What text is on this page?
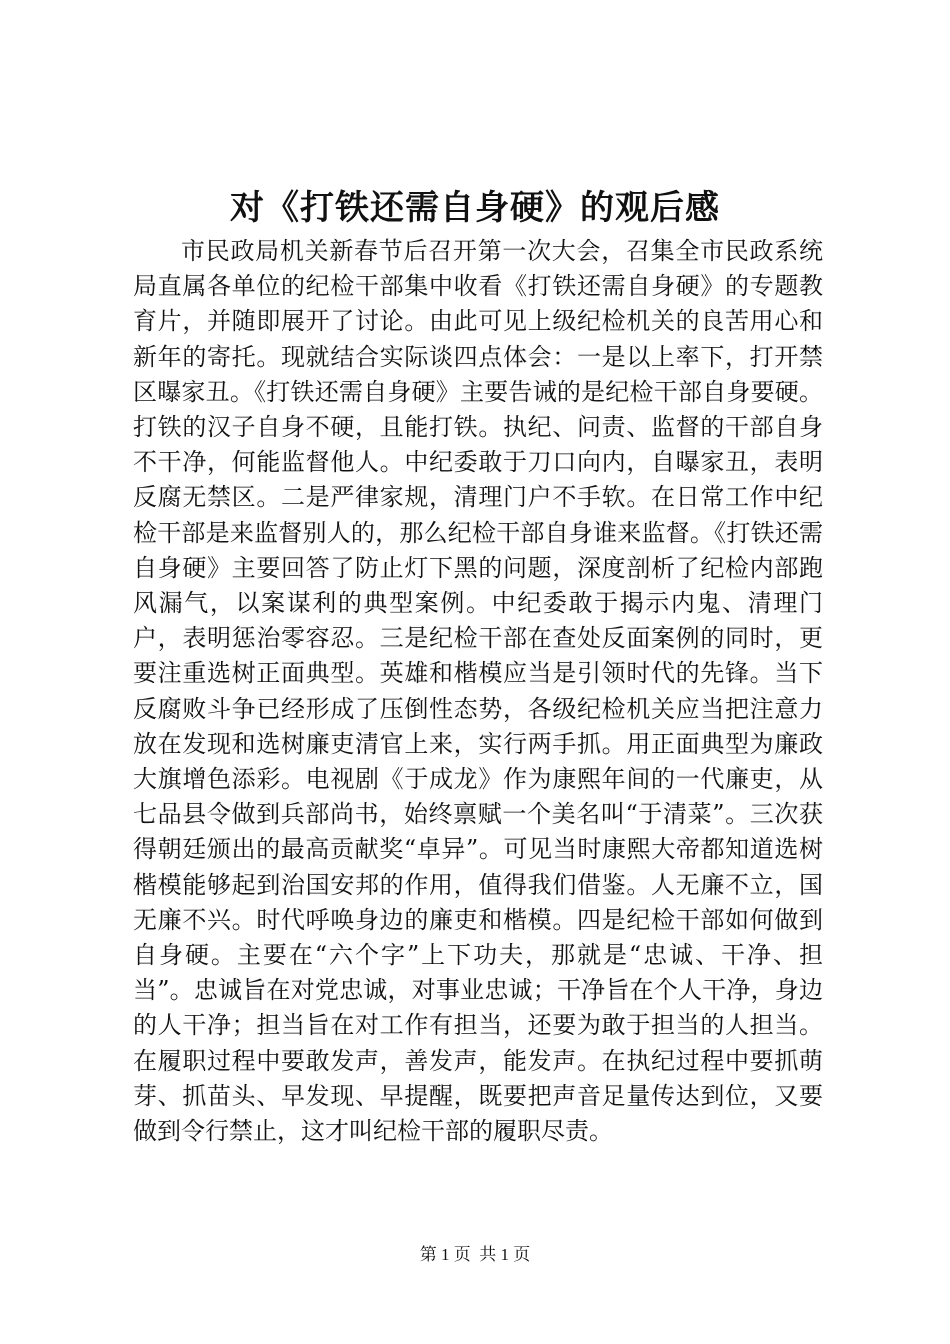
对《打铁还需自身硬》的观后感

市民政局机关新春节后召开第一次大会，召集全市民政系统局直属各单位的纪检干部集中收看《打铁还需自身硬》的专题教育片，并随即展开了讨论。由此可见上级纪检机关的良苦用心和新年的寄托。现就结合实际谈四点体会：一是以上率下，打开禁区曝家丑。《打铁还需自身硬》主要告诫的是纪检干部自身要硬。打铁的汉子自身不硬，且能打铁。执纪、问责、监督的干部自身不干净，何能监督他人。中纪委敢于刀口向内，自曝家丑，表明反腐无禁区。二是严律家规，清理门户不手软。在日常工作中纪检干部是来监督别人的，那么纪检干部自身谁来监督。《打铁还需自身硬》主要回答了防止灯下黑的问题，深度剖析了纪检内部跑风漏气，以案谋利的典型案例。中纪委敢于揭示内鬼、清理门户，表明惩治零容忍。三是纪检干部在查处反面案例的同时，更要注重选树正面典型。英雄和楷模应当是引领时代的先锋。当下反腐败斗争已经形成了压倒性态势，各级纪检机关应当把注意力放在发现和选树廉吏清官上来，实行两手抓。用正面典型为廉政大旗增色添彩。电视剧《于成龙》作为康熙年间的一代廉吏，从七品县令做到兵部尚书，始终禀赋一个美名叫“于清菜”。三次获得朝廷颁出的最高贡献奖“卓异”。可见当时康熙大帝都知道选树楷模能够起到治国安邦的作用，值得我们借鉴。人无廉不立，国无廉不兴。时代呼唤身边的廉吏和楷模。四是纪检干部如何做到自身硬。主要在“六个字”上下功夫，那就是“忠诚、干净、担当”。忠诚旨在对党忠诚，对事业忠诚；干净旨在个人干净，身边的人干净；担当旨在对工作有担当，还要为敢于担当的人担当。在履职过程中要敢发声，善发声，能发声。在执纪过程中要抓萌芽、抓苗头、早发现、早提醒，既要把声音足量传达到位，又要做到令行禁止，这才叫纪检干部的履职尽责。

第 1 页  共 1 页
